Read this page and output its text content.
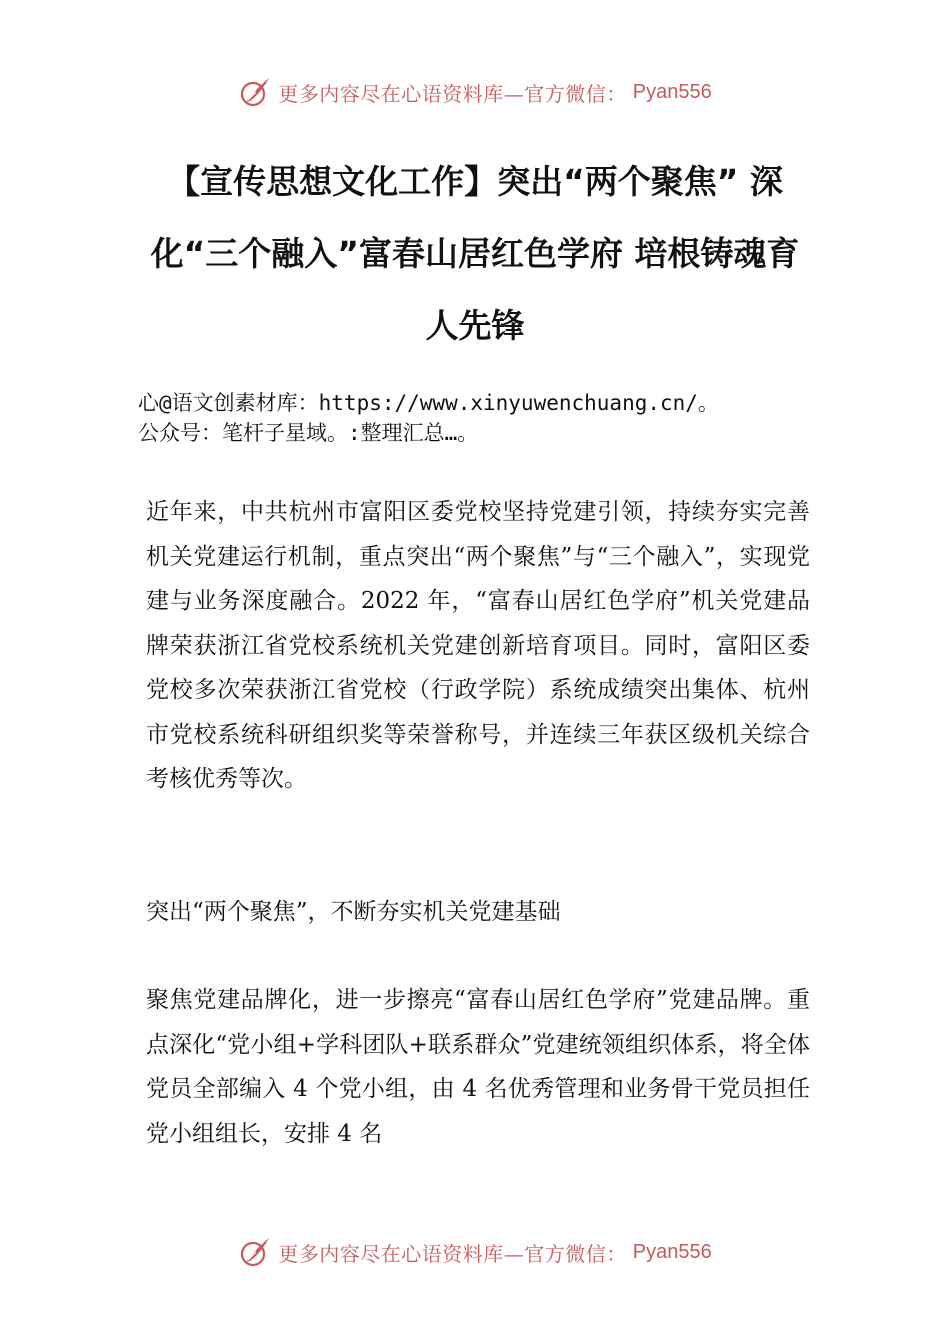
更多内容尽在心语资料库—官方微信： Pyan556
【宣传思想文化工作】突出“两个聚焦” 深化“三个融入”富春山居红色学府 培根铸魂育人先锋
心@语文创素材库：https://www.xinyuwenchuang.cn/。
公众号：笔杆子星域。:整理汇总…。

近年来，中共杭州市富阳区委党校坚持党建引领，持续夯实完善机关党建运行机制，重点突出“两个聚焦”与“三个融入”，实现党建与业务深度融合。2022 年，“富春山居红色学府”机关党建品牌荣获浙江省党校系统机关党建创新培育项目。同时，富阳区委党校多次荣获浙江省党校（行政学院）系统成绩突出集体、杭州市党校系统科研组织奖等荣誉称号，并连续三年获区级机关综合考核优秀等次。

突出“两个聚焦”，不断夯实机关党建基础

聚焦党建品牌化，进一步擦亮“富春山居红色学府”党建品牌。重点深化“党小组+学科团队+联系群众”党建统领组织体系，将全体党员全部编入 4 个党小组，由 4 名优秀管理和业务骨干党员担任党小组组长，安排 4 名

更多内容尽在心语资料库—官方微信： Pyan556
